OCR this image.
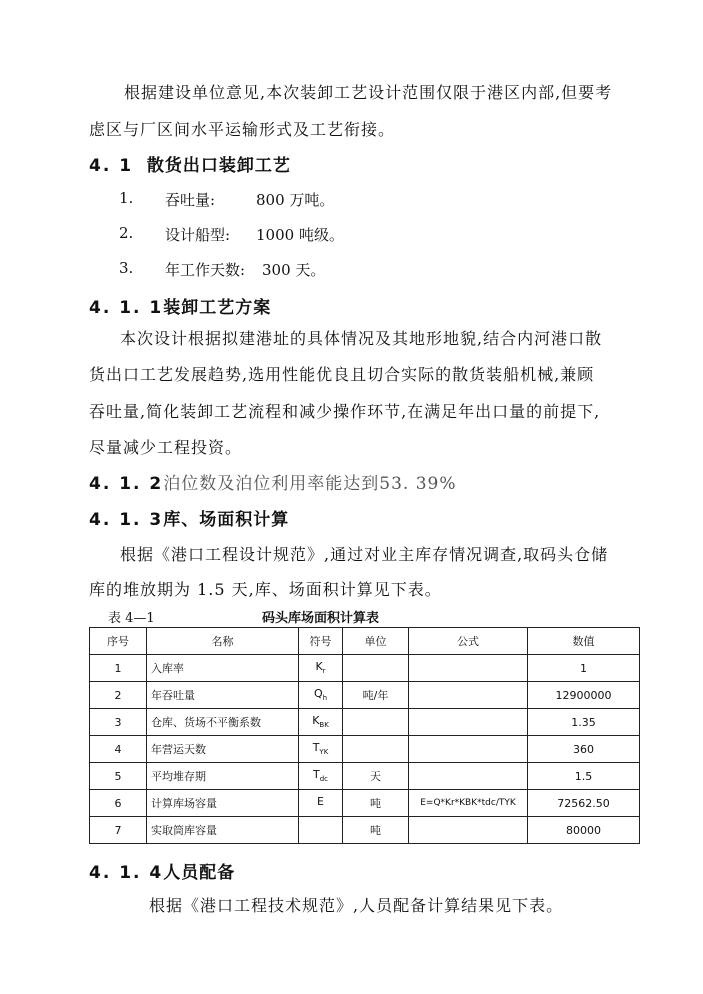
根据建设单位意见,本次装卸工艺设计范围仅限于港区内部,但要考
虑区与厂区间水平运输形式及工艺衔接。
4. 1 散货出口装卸工艺
1. 吞吐量:	800 万吨。
2. 设计船型: 1000 吨级。
3. 年工作天数: 300 天。
4. 1. 1装卸工艺方案
本次设计根据拟建港址的具体情况及其地形地貌,结合内河港口散
货出口工艺发展趋势,选用性能优良且切合实际的散货装船机械,兼顾
吞吐量,简化装卸工艺流程和减少操作环节,在满足年出口量的前提下,
尽量减少工程投资。
4. 1. 2泊位数及泊位利用率能达到53. 39%
4. 1. 3库、场面积计算
根据《港口工程设计规范》,通过对业主库存情况调查,取码头仓储
库的堆放期为 1.5 天,库、场面积计算见下表。
表 4—1	码头库场面积计算表
序号	名称	符号	单位	公式	数值
1	入库率	$K_r$			1
2	年吞吐量	$Q_h$	吨/年		12900000
3	仓库、货场不平衡系数	$K_{BK}$			1.35
4	年营运天数	$T_{YK}$			360
5	平均堆存期	$T_{dc}$	天		1.5
6	计算库场容量	E	吨	E=Q*Kr*KBK*tdc/TYK	72562.50
7	实取筒库容量		吨		80000
4. 1. 4人员配备
根据《港口工程技术规范》,人员配备计算结果见下表。
